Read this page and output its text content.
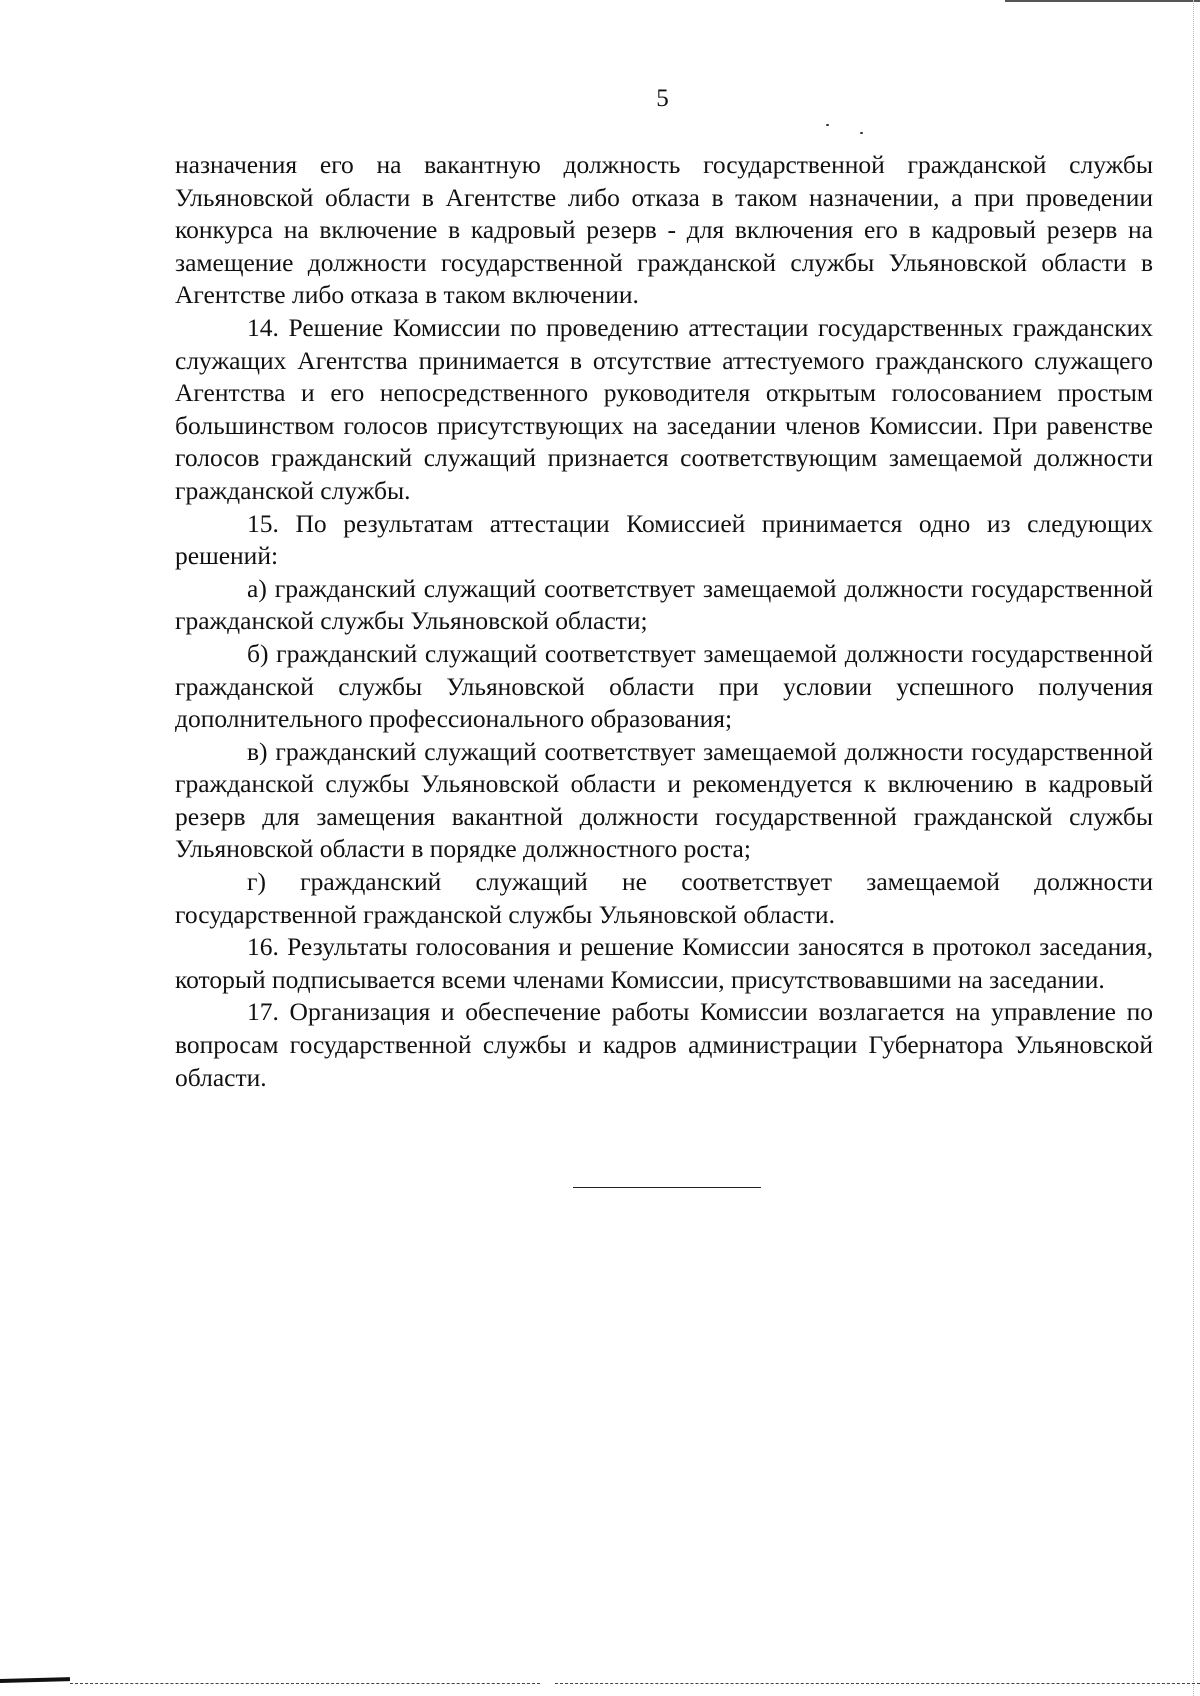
5

назначения его на вакантную должность государственной гражданской службы Ульяновской области в Агентстве либо отказа в таком назначении, а при проведении конкурса на включение в кадровый резерв - для включения его в кадровый резерв на замещение должности государственной гражданской службы Ульяновской области в Агентстве либо отказа в таком включении.

14. Решение Комиссии по проведению аттестации государственных гражданских служащих Агентства принимается в отсутствие аттестуемого гражданского служащего Агентства и его непосредственного руководителя открытым голосованием простым большинством голосов присутствующих на заседании членов Комиссии. При равенстве голосов гражданский служащий признается соответствующим замещаемой должности гражданской службы.

15. По результатам аттестации Комиссией принимается одно из следующих решений:

а) гражданский служащий соответствует замещаемой должности государственной гражданской службы Ульяновской области;

б) гражданский служащий соответствует замещаемой должности государственной гражданской службы Ульяновской области при условии успешного получения дополнительного профессионального образования;

в) гражданский служащий соответствует замещаемой должности государственной гражданской службы Ульяновской области и рекомендуется к включению в кадровый резерв для замещения вакантной должности государственной гражданской службы Ульяновской области в порядке должностного роста;

г) гражданский служащий не соответствует замещаемой должности государственной гражданской службы Ульяновской области.

16. Результаты голосования и решение Комиссии заносятся в протокол заседания, который подписывается всеми членами Комиссии, присутствовавшими на заседании.

17. Организация и обеспечение работы Комиссии возлагается на управление по вопросам государственной службы и кадров администрации Губернатора Ульяновской области.
